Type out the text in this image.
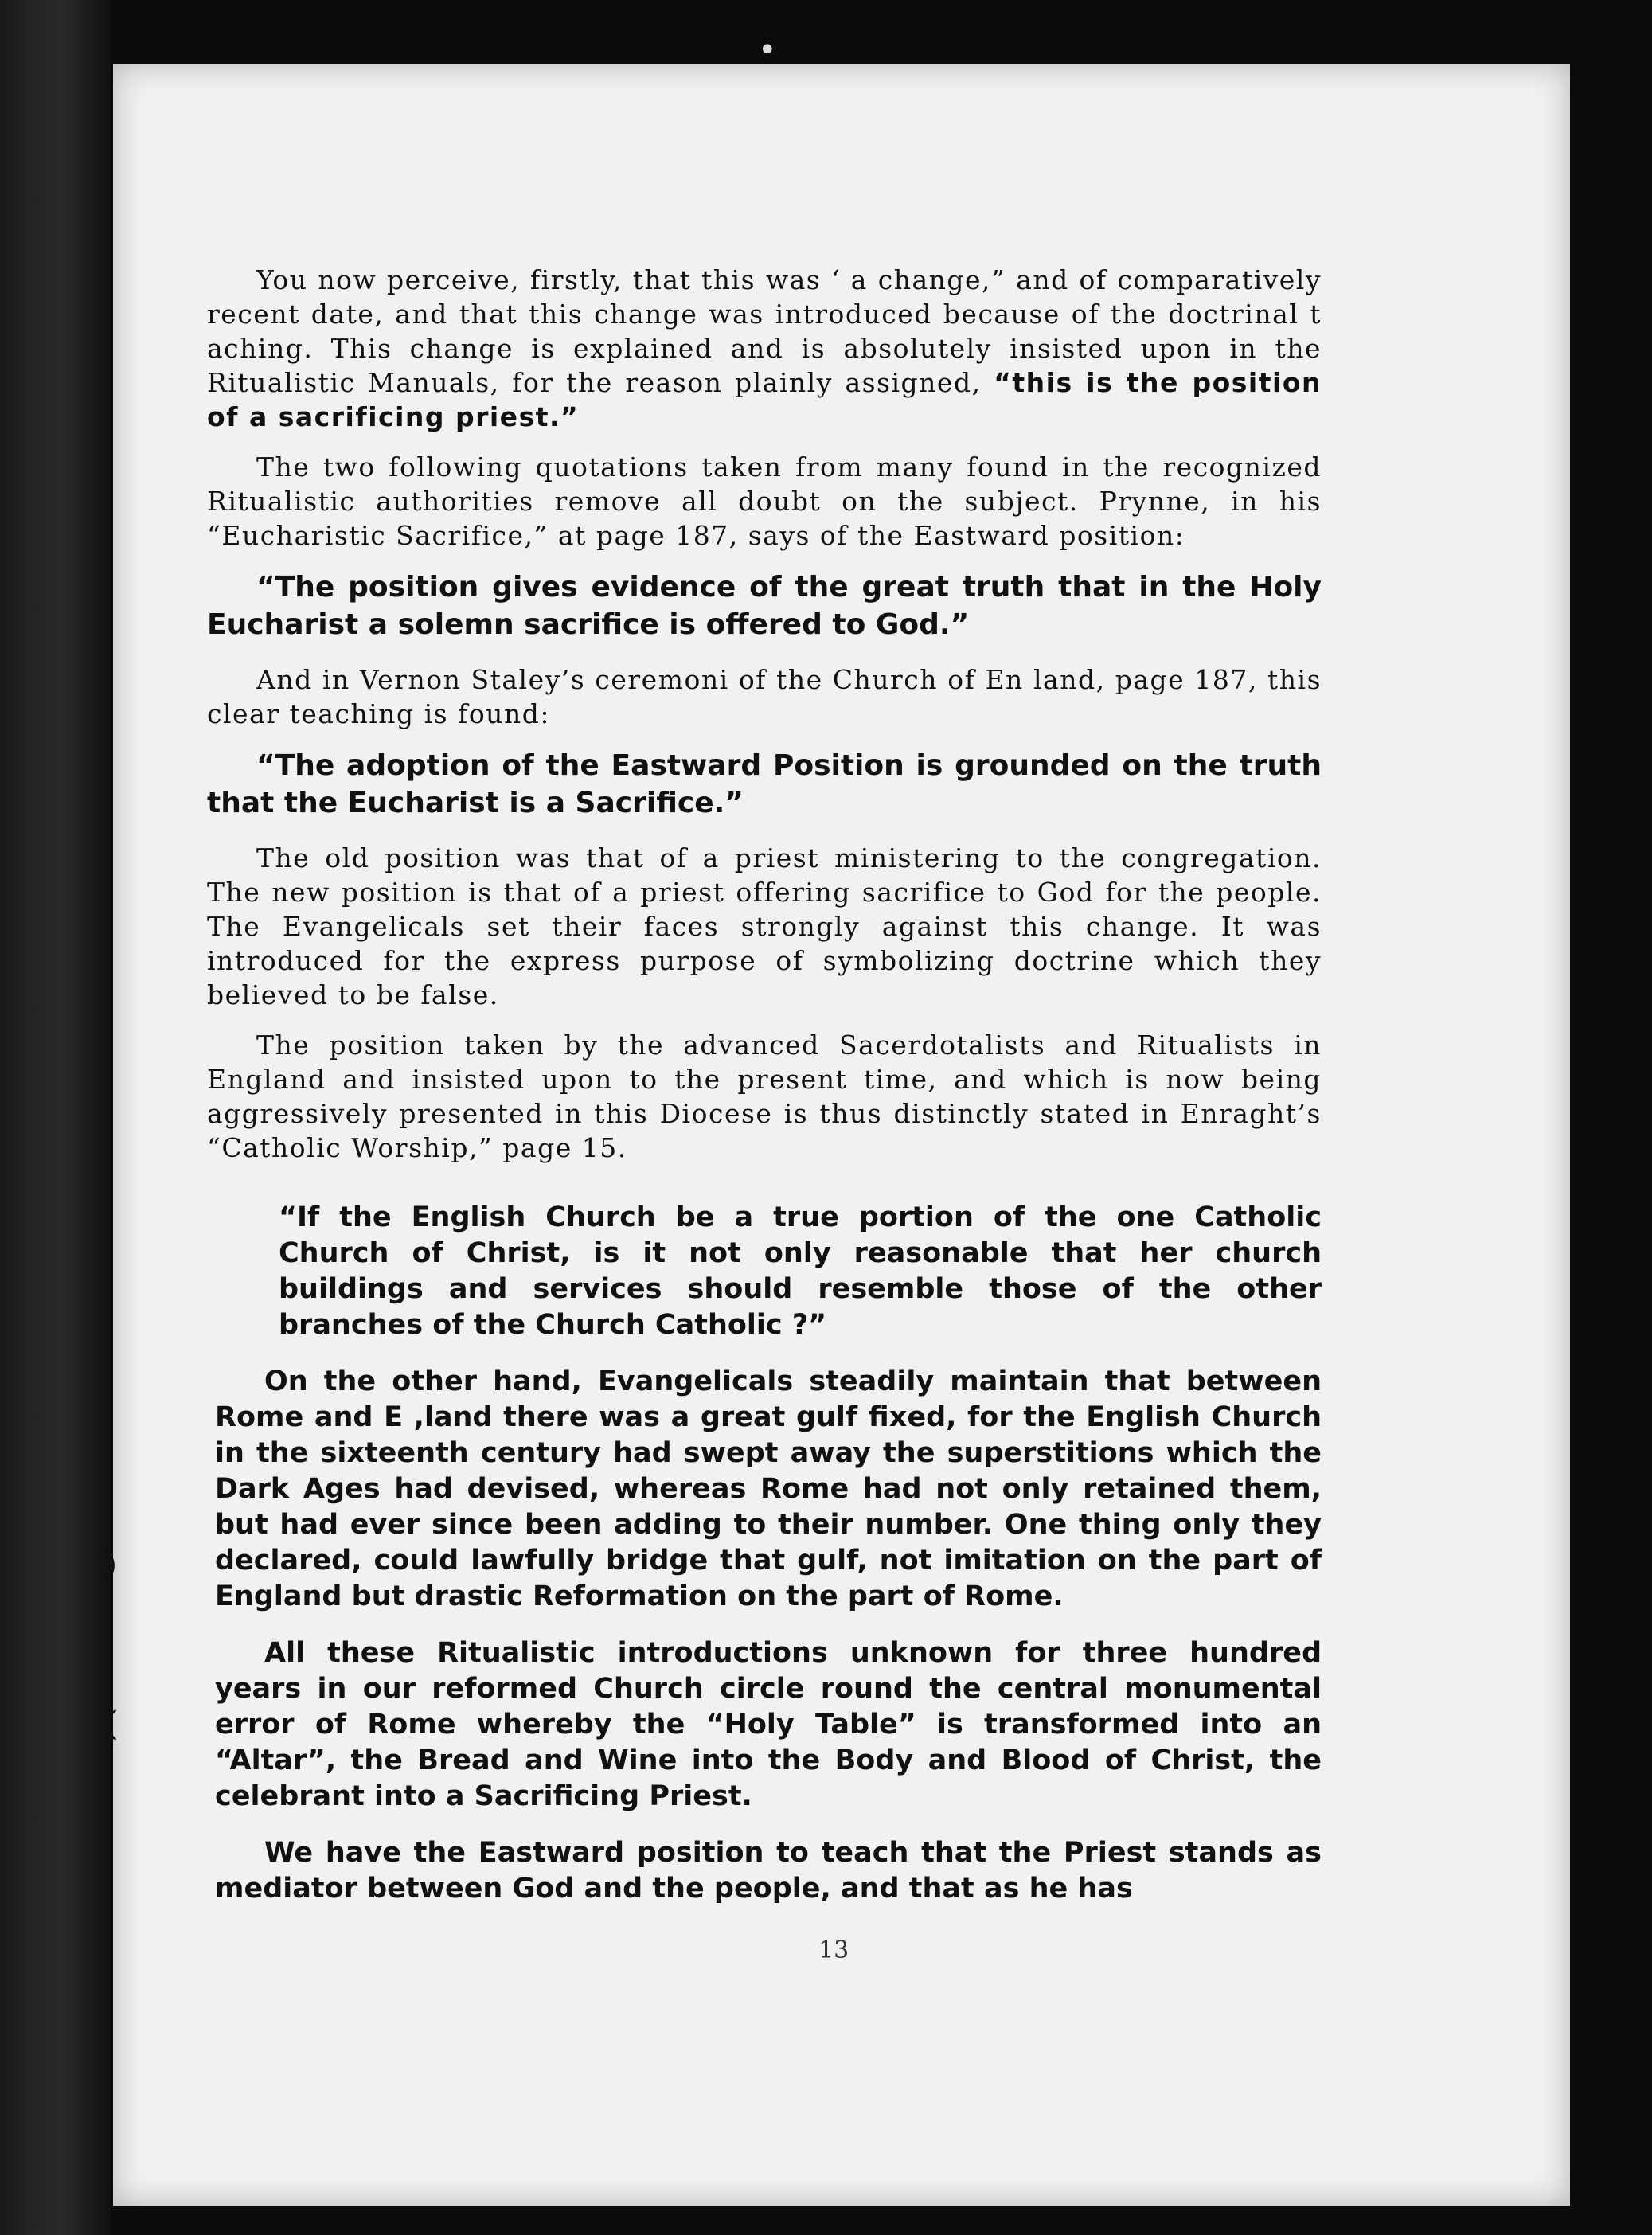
•
)
(

You now perceive, firstly, that this was ‘ a change,” and of comparatively recent date, and that this change was introduced because of the doctrinal t aching. This change is explained and is absolutely insisted upon in the Ritualistic Manuals, for the reason plainly assigned, “this is the position of a sacrificing priest.”

The two following quotations taken from many found in the recognized Ritualistic authorities remove all doubt on the subject. Prynne, in his “Eucharistic Sacrifice,” at page 187, says of the Eastward position:

“The position gives evidence of the great truth that in the Holy Eucharist a solemn sacrifice is offered to God.”

And in Vernon Staley’s ceremoni of the Church of En land, page 187, this clear teaching is found:

“The adoption of the Eastward Position is grounded on the truth that the Eucharist is a Sacrifice.”

The old position was that of a priest ministering to the congregation. The new position is that of a priest offering sacrifice to God for the people. The Evangelicals set their faces strongly against this change. It was introduced for the express purpose of symbolizing doctrine which they believed to be false.

The position taken by the advanced Sacerdotalists and Ritualists in England and insisted upon to the present time, and which is now being aggressively presented in this Diocese is thus distinctly stated in Enraght’s “Catholic Worship,” page 15.

“If the English Church be a true portion of the one Catholic Church of Christ, is it not only reasonable that her church buildings and services should resemble those of the other branches of the Church Catholic ?”

On the other hand, Evangelicals steadily maintain that between Rome and E ,land there was a great gulf fixed, for the English Church in the sixteenth century had swept away the superstitions which the Dark Ages had devised, whereas Rome had not only retained them, but had ever since been adding to their number. One thing only they declared, could lawfully bridge that gulf, not imitation on the part of England but drastic Reformation on the part of Rome.

All these Ritualistic introductions unknown for three hundred years in our reformed Church circle round the central monumental error of Rome whereby the “Holy Table” is transformed into an “Altar”, the Bread and Wine into the Body and Blood of Christ, the celebrant into a Sacrificing Priest.

We have the Eastward position to teach that the Priest stands as mediator between God and the people, and that as he has

13
